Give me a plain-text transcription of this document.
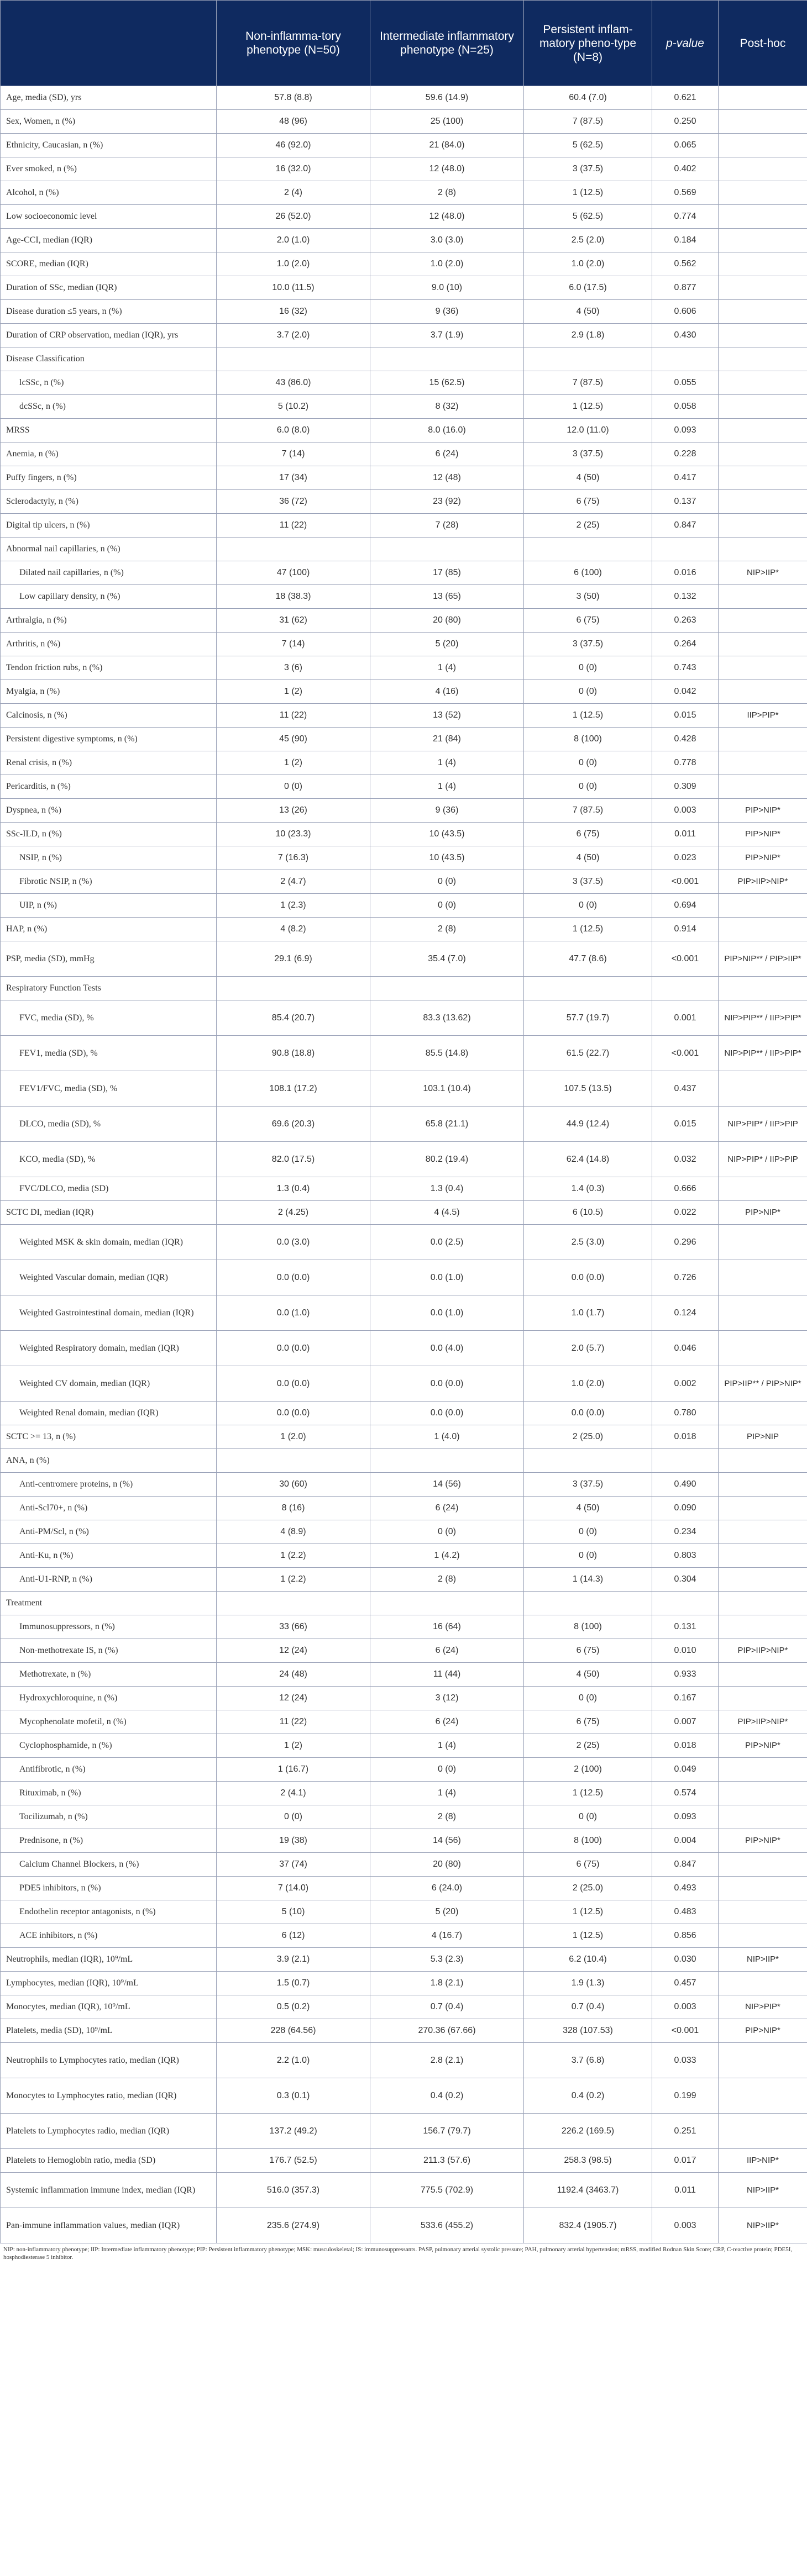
	Non-inflamma-tory phenotype (N=50)	Intermediate inflammatory phenotype (N=25)	Persistent inflam-matory pheno-type (N=8)	p-value	Post-hoc
Age, media (SD), yrs	57.8 (8.8)	59.6 (14.9)	60.4 (7.0)	0.621	
Sex, Women, n (%)	48 (96)	25 (100)	7 (87.5)	0.250	
Ethnicity, Caucasian, n (%)	46 (92.0)	21 (84.0)	5 (62.5)	0.065	
Ever smoked, n (%)	16 (32.0)	12 (48.0)	3 (37.5)	0.402	
Alcohol, n (%)	2 (4)	2 (8)	1 (12.5)	0.569	
Low socioeconomic level	26 (52.0)	12 (48.0)	5 (62.5)	0.774	
Age-CCI, median (IQR)	2.0 (1.0)	3.0 (3.0)	2.5 (2.0)	0.184	
SCORE, median (IQR)	1.0 (2.0)	1.0 (2.0)	1.0 (2.0)	0.562	
Duration of SSc, median (IQR)	10.0 (11.5)	9.0 (10)	6.0 (17.5)	0.877	
Disease duration ≤5 years, n (%)	16 (32)	9 (36)	4 (50)	0.606	
Duration of CRP observation, median (IQR), yrs	3.7 (2.0)	3.7 (1.9)	2.9 (1.8)	0.430	
Disease Classification					
lcSSc, n (%)	43 (86.0)	15 (62.5)	7 (87.5)	0.055	
dcSSc, n (%)	5 (10.2)	8 (32)	1 (12.5)	0.058	
MRSS	6.0 (8.0)	8.0 (16.0)	12.0 (11.0)	0.093	
Anemia, n (%)	7 (14)	6 (24)	3 (37.5)	0.228	
Puffy fingers, n (%)	17 (34)	12 (48)	4 (50)	0.417	
Sclerodactyly, n (%)	36 (72)	23 (92)	6 (75)	0.137	
Digital tip ulcers, n (%)	11 (22)	7 (28)	2 (25)	0.847	
Abnormal nail capillaries, n (%)					
Dilated nail capillaries, n (%)	47 (100)	17 (85)	6 (100)	0.016	NIP>IIP*
Low capillary density, n (%)	18 (38.3)	13 (65)	3 (50)	0.132	
Arthralgia, n (%)	31 (62)	20 (80)	6 (75)	0.263	
Arthritis, n (%)	7 (14)	5 (20)	3 (37.5)	0.264	
Tendon friction rubs, n (%)	3 (6)	1 (4)	0 (0)	0.743	
Myalgia, n (%)	1 (2)	4 (16)	0 (0)	0.042	
Calcinosis, n (%)	11 (22)	13 (52)	1 (12.5)	0.015	IIP>PIP*
Persistent digestive symptoms, n (%)	45 (90)	21 (84)	8 (100)	0.428	
Renal crisis, n (%)	1 (2)	1 (4)	0 (0)	0.778	
Pericarditis, n (%)	0 (0)	1 (4)	0 (0)	0.309	
Dyspnea, n (%)	13 (26)	9 (36)	7 (87.5)	0.003	PIP>NIP*
SSc-ILD, n (%)	10 (23.3)	10 (43.5)	6 (75)	0.011	PIP>NIP*
NSIP, n (%)	7 (16.3)	10 (43.5)	4 (50)	0.023	PIP>NIP*
Fibrotic NSIP, n (%)	2 (4.7)	0 (0)	3 (37.5)	<0.001	PIP>IIP>NIP*
UIP, n (%)	1 (2.3)	0 (0)	0 (0)	0.694	
HAP, n (%)	4 (8.2)	2 (8)	1 (12.5)	0.914	
PSP, media (SD), mmHg	29.1 (6.9)	35.4 (7.0)	47.7 (8.6)	<0.001	PIP>NIP** / PIP>IIP*
Respiratory Function Tests					
FVC, media (SD), %	85.4 (20.7)	83.3 (13.62)	57.7 (19.7)	0.001	NIP>PIP** / IIP>PIP*
FEV1, media (SD), %	90.8 (18.8)	85.5 (14.8)	61.5 (22.7)	<0.001	NIP>PIP** / IIP>PIP*
FEV1/FVC, media (SD), %	108.1 (17.2)	103.1 (10.4)	107.5 (13.5)	0.437	
DLCO, media (SD), %	69.6 (20.3)	65.8 (21.1)	44.9 (12.4)	0.015	NIP>PIP* / IIP>PIP
KCO, media (SD), %	82.0 (17.5)	80.2 (19.4)	62.4 (14.8)	0.032	NIP>PIP* / IIP>PIP
FVC/DLCO, media (SD)	1.3 (0.4)	1.3 (0.4)	1.4 (0.3)	0.666	
SCTC DI, median (IQR)	2 (4.25)	4 (4.5)	6 (10.5)	0.022	PIP>NIP*
Weighted MSK & skin domain, median (IQR)	0.0 (3.0)	0.0 (2.5)	2.5 (3.0)	0.296	
Weighted Vascular domain, median (IQR)	0.0 (0.0)	0.0 (1.0)	0.0 (0.0)	0.726	
Weighted Gastrointestinal domain, median (IQR)	0.0 (1.0)	0.0 (1.0)	1.0 (1.7)	0.124	
Weighted Respiratory domain, median (IQR)	0.0 (0.0)	0.0 (4.0)	2.0 (5.7)	0.046	
Weighted CV domain, median (IQR)	0.0 (0.0)	0.0 (0.0)	1.0 (2.0)	0.002	PIP>IIP** / PIP>NIP*
Weighted Renal domain, median (IQR)	0.0 (0.0)	0.0 (0.0)	0.0 (0.0)	0.780	
SCTC >= 13, n (%)	1 (2.0)	1 (4.0)	2 (25.0)	0.018	PIP>NIP
ANA, n (%)					
Anti-centromere proteins, n (%)	30 (60)	14 (56)	3 (37.5)	0.490	
Anti-Scl70+, n (%)	8 (16)	6 (24)	4 (50)	0.090	
Anti-PM/Scl, n (%)	4 (8.9)	0 (0)	0 (0)	0.234	
Anti-Ku, n (%)	1 (2.2)	1 (4.2)	0 (0)	0.803	
Anti-U1-RNP, n (%)	1 (2.2)	2 (8)	1 (14.3)	0.304	
Treatment					
Immunosuppressors, n (%)	33 (66)	16 (64)	8 (100)	0.131	
Non-methotrexate IS, n (%)	12 (24)	6 (24)	6 (75)	0.010	PIP>IIP>NIP*
Methotrexate, n (%)	24 (48)	11 (44)	4 (50)	0.933	
Hydroxychloroquine, n (%)	12 (24)	3 (12)	0 (0)	0.167	
Mycophenolate mofetil, n (%)	11 (22)	6 (24)	6 (75)	0.007	PIP>IIP>NIP*
Cyclophosphamide, n (%)	1 (2)	1 (4)	2 (25)	0.018	PIP>NIP*
Antifibrotic, n (%)	1 (16.7)	0 (0)	2 (100)	0.049	
Rituximab, n (%)	2 (4.1)	1 (4)	1 (12.5)	0.574	
Tocilizumab, n (%)	0 (0)	2 (8)	0 (0)	0.093	
Prednisone, n (%)	19 (38)	14 (56)	8 (100)	0.004	PIP>NIP*
Calcium Channel Blockers, n (%)	37 (74)	20 (80)	6 (75)	0.847	
PDE5 inhibitors, n (%)	7 (14.0)	6 (24.0)	2 (25.0)	0.493	
Endothelin receptor antagonists, n (%)	5 (10)	5 (20)	1 (12.5)	0.483	
ACE inhibitors, n (%)	6 (12)	4 (16.7)	1 (12.5)	0.856	
Neutrophils, median (IQR), 10⁹/mL	3.9 (2.1)	5.3 (2.3)	6.2 (10.4)	0.030	NIP>IIP*
Lymphocytes, median (IQR), 10⁹/mL	1.5 (0.7)	1.8 (2.1)	1.9 (1.3)	0.457	
Monocytes, median (IQR), 10⁹/mL	0.5 (0.2)	0.7 (0.4)	0.7 (0.4)	0.003	NIP>PIP*
Platelets, media (SD), 10⁹/mL	228 (64.56)	270.36 (67.66)	328 (107.53)	<0.001	PIP>NIP*
Neutrophils to Lymphocytes ratio, median (IQR)	2.2 (1.0)	2.8 (2.1)	3.7 (6.8)	0.033	
Monocytes to Lymphocytes ratio, median (IQR)	0.3 (0.1)	0.4 (0.2)	0.4 (0.2)	0.199	
Platelets to Lymphocytes radio, median (IQR)	137.2 (49.2)	156.7 (79.7)	226.2 (169.5)	0.251	
Platelets to Hemoglobin ratio, media (SD)	176.7 (52.5)	211.3 (57.6)	258.3 (98.5)	0.017	IIP>NIP*
Systemic inflammation immune index, median (IQR)	516.0 (357.3)	775.5 (702.9)	1192.4 (3463.7)	0.011	NIP>IIP*
Pan-immune inflammation values, median (IQR)	235.6 (274.9)	533.6 (455.2)	832.4 (1905.7)	0.003	NIP>IIP*
NIP: non-inflammatory phenotype; IIP: Intermediate inflammatory phenotype; PIP: Persistent inflammatory phenotype; MSK: musculoskeletal; IS: immunosuppressants. PASP, pulmonary arterial systolic pressure; PAH, pulmonary arterial hypertension; mRSS, modified Rodnan Skin Score; CRP, C-reactive protein; PDE5I, hosphodiesterase 5 inhibitor.
